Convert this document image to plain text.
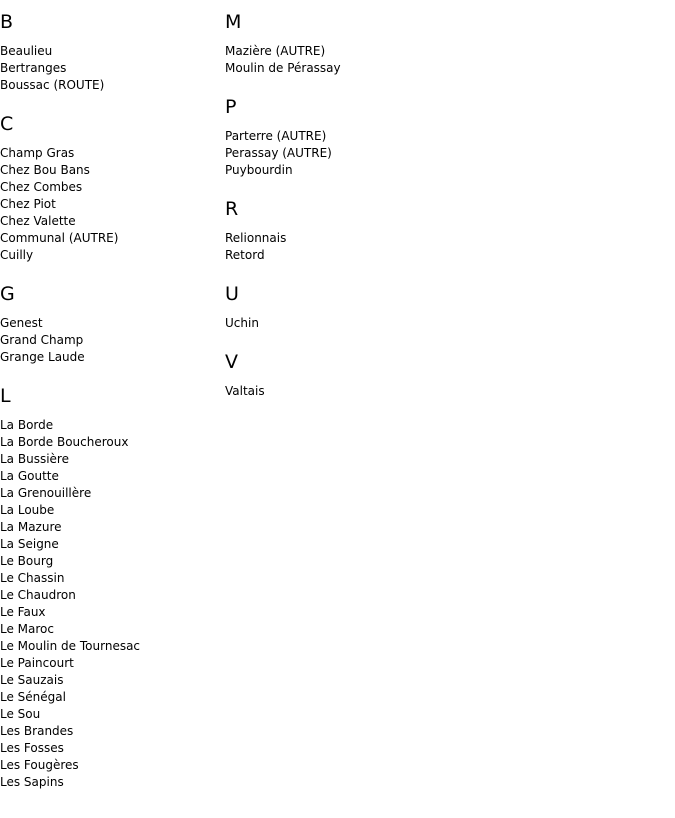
B
Beaulieu
Bertranges
Boussac (ROUTE)
C
Champ Gras
Chez Bou Bans
Chez Combes
Chez Piot
Chez Valette
Communal (AUTRE)
Cuilly
G
Genest
Grand Champ
Grange Laude
L
La Borde
La Borde Boucheroux
La Bussière
La Goutte
La Grenouillère
La Loube
La Mazure
La Seigne
Le Bourg
Le Chassin
Le Chaudron
Le Faux
Le Maroc
Le Moulin de Tournesac
Le Paincourt
Le Sauzais
Le Sénégal
Le Sou
Les Brandes
Les Fosses
Les Fougères
Les Sapins
M
Mazière (AUTRE)
Moulin de Pérassay
P
Parterre (AUTRE)
Perassay (AUTRE)
Puybourdin
R
Relionnais
Retord
U
Uchin
V
Valtais
